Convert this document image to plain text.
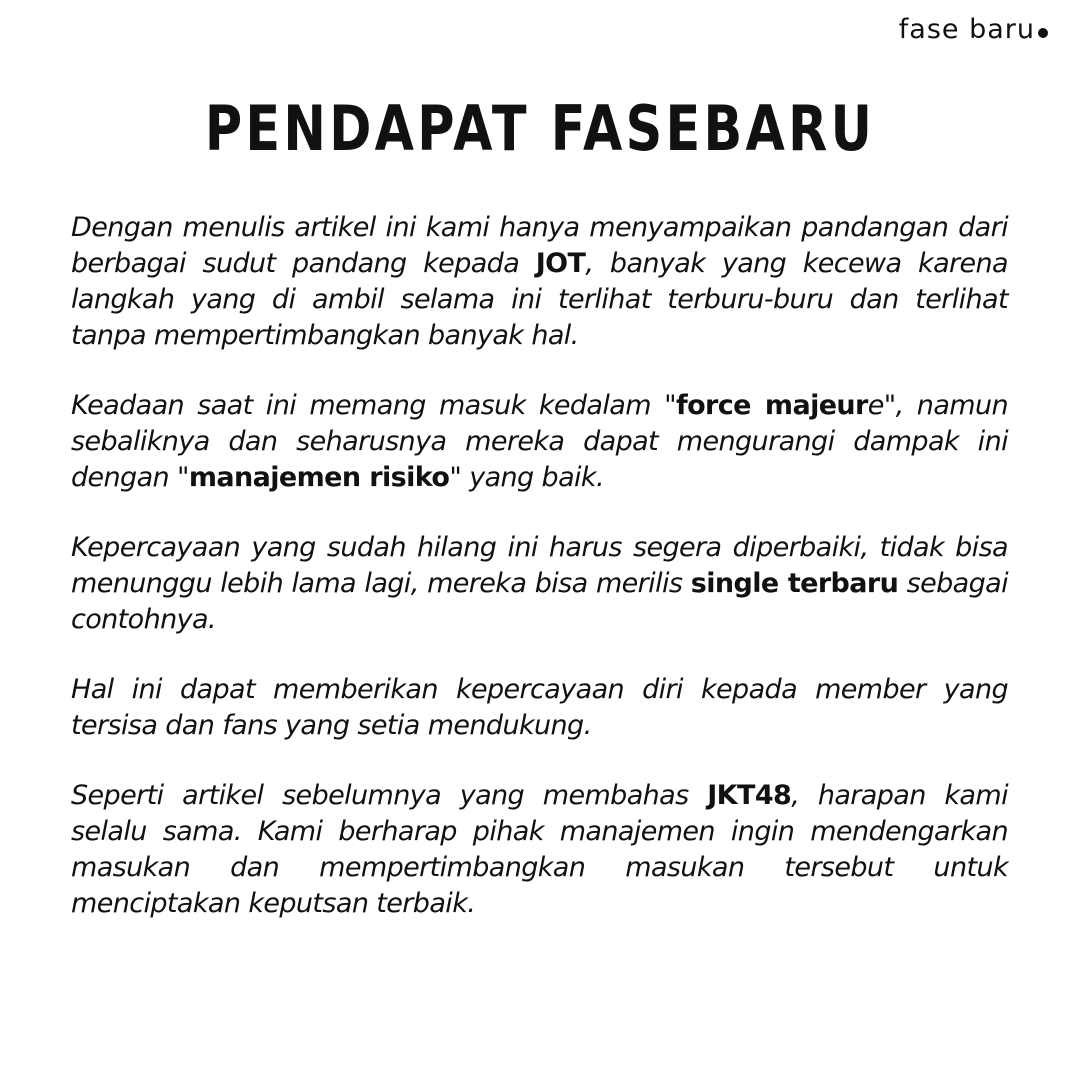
fase baru
PENDAPAT FASEBARU

Dengan menulis artikel ini kami hanya menyampaikan pandangan dari berbagai sudut pandang kepada JOT, banyak yang kecewa karena langkah yang di ambil selama ini terlihat terburu-buru dan terlihat tanpa mempertimbangkan banyak hal.

Keadaan saat ini memang masuk kedalam "force majeure", namun sebaliknya dan seharusnya mereka dapat mengurangi dampak ini dengan "manajemen risiko" yang baik.

Kepercayaan yang sudah hilang ini harus segera diperbaiki, tidak bisa menunggu lebih lama lagi, mereka bisa merilis single terbaru sebagai contohnya.

Hal ini dapat memberikan kepercayaan diri kepada member yang tersisa dan fans yang setia mendukung.

Seperti artikel sebelumnya yang membahas JKT48, harapan kami selalu sama. Kami berharap pihak manajemen ingin mendengarkan masukan dan mempertimbangkan masukan tersebut untuk menciptakan keputsan terbaik.
